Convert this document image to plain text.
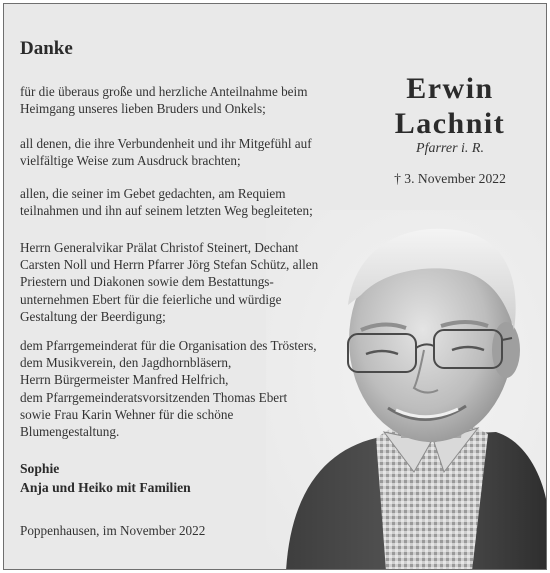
Danke
für die überaus große und herzliche Anteilnahme beim
Heimgang unseres lieben Bruders und Onkels;
all denen, die ihre Verbundenheit und ihr Mitgefühl auf
vielfältige Weise zum Ausdruck brachten;
allen, die seiner im Gebet gedachten, am Requiem
teilnahmen und ihn auf seinem letzten Weg begleiteten;
Herrn Generalvikar Prälat Christof Steinert, Dechant
Carsten Noll und Herrn Pfarrer Jörg Stefan Schütz, allen
Priestern und Diakonen sowie dem Bestattungs-
unternehmen Ebert für die feierliche und würdige
Gestaltung der Beerdigung;
dem Pfarrgemeinderat für die Organisation des Trösters,
dem Musikverein, den Jagdhornbläsern,
Herrn Bürgermeister Manfred Helfrich,
dem Pfarrgemeinderatsvorsitzenden Thomas Ebert
sowie Frau Karin Wehner für die schöne
Blumengestaltung.
Sophie
Anja und Heiko mit Familien
Poppenhausen, im November 2022
Erwin
Lachnit
Pfarrer i. R.
† 3. November 2022
